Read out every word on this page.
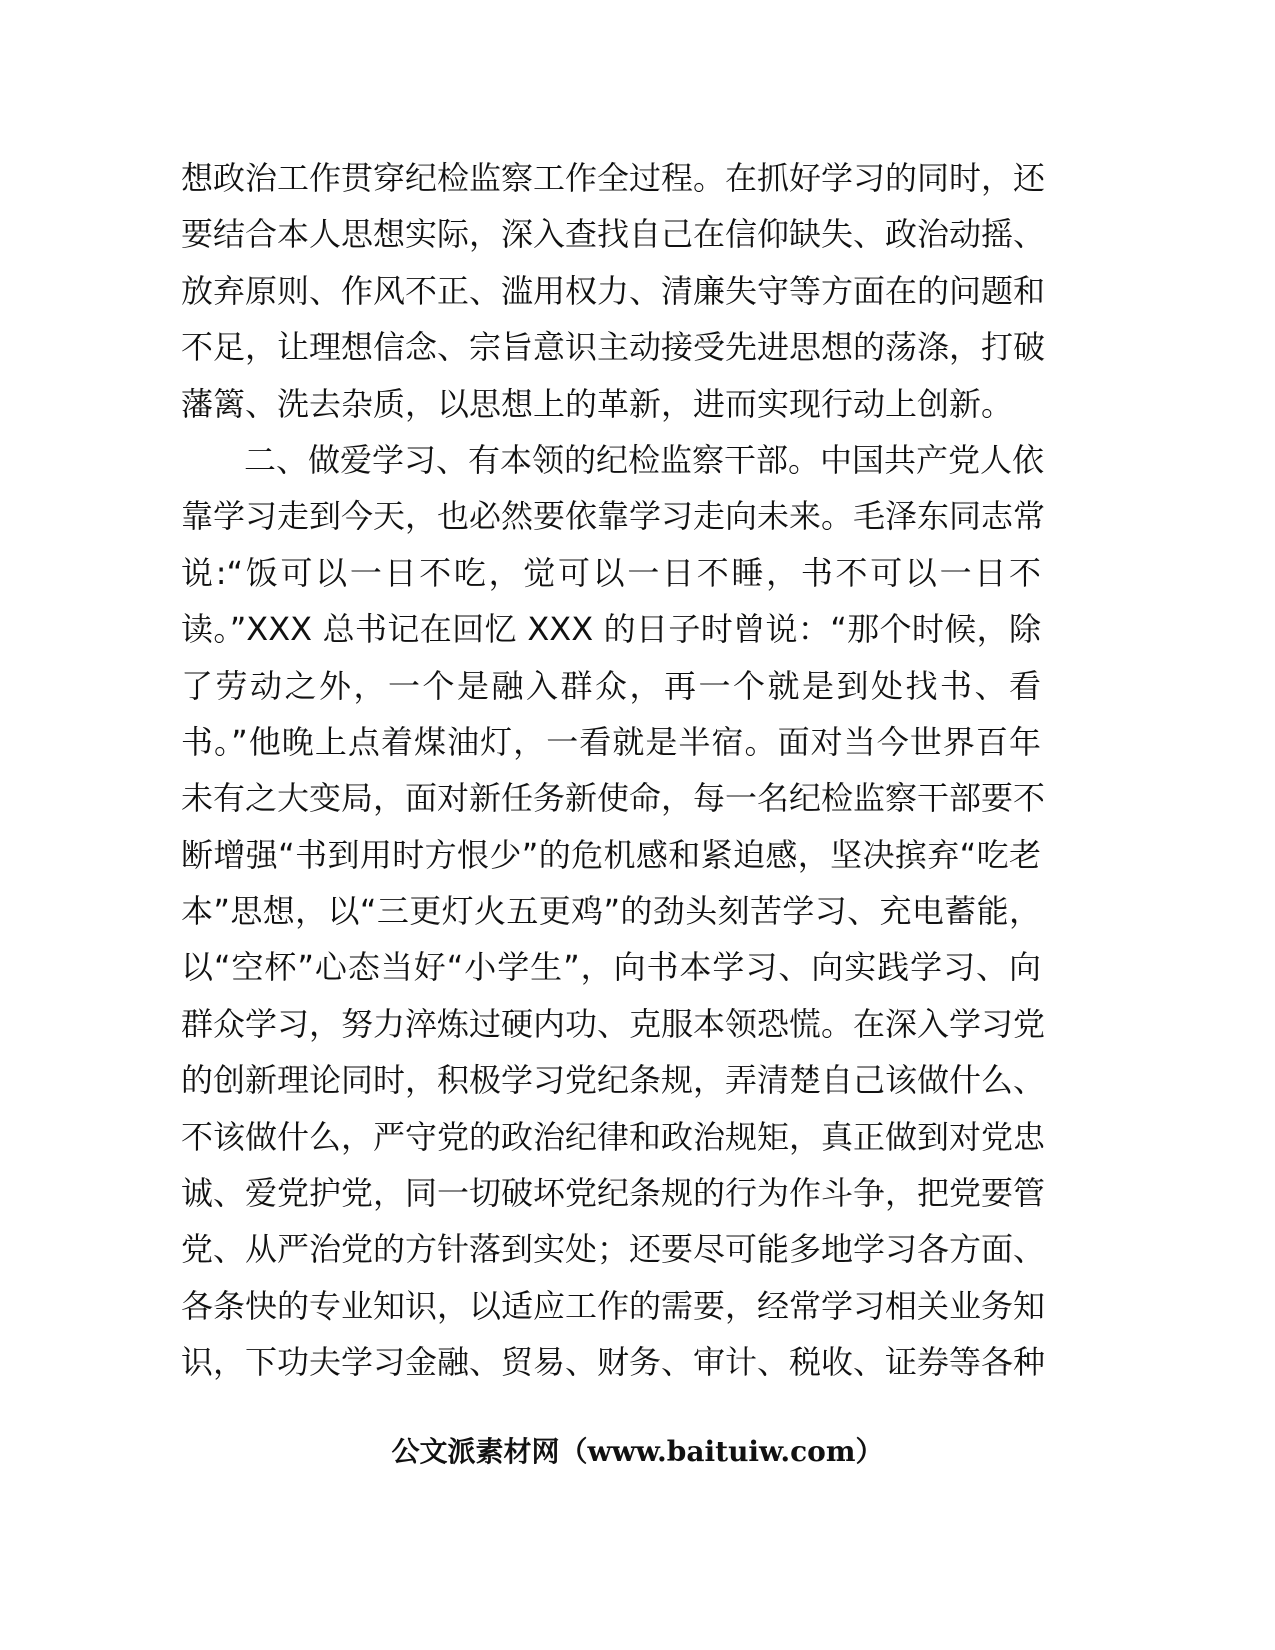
想政治工作贯穿纪检监察工作全过程。在抓好学习的同时，还
要结合本人思想实际，深入查找自己在信仰缺失、政治动摇、
放弃原则、作风不正、滥用权力、清廉失守等方面在的问题和
不足，让理想信念、宗旨意识主动接受先进思想的荡涤，打破
藩篱、洗去杂质，以思想上的革新，进而实现行动上创新。
二、做爱学习、有本领的纪检监察干部。中国共产党人依
靠学习走到今天，也必然要依靠学习走向未来。毛泽东同志常
说:“饭可以一日不吃，觉可以一日不睡，书不可以一日不
读。”XXX 总书记在回忆 XXX 的日子时曾说：“那个时候，除
了劳动之外，一个是融入群众，再一个就是到处找书、看
书。”他晚上点着煤油灯，一看就是半宿。面对当今世界百年
未有之大变局，面对新任务新使命，每一名纪检监察干部要不
断增强“书到用时方恨少”的危机感和紧迫感，坚决摈弃“吃老
本”思想，以“三更灯火五更鸡”的劲头刻苦学习、充电蓄能，
以“空杯”心态当好“小学生”，向书本学习、向实践学习、向
群众学习，努力淬炼过硬内功、克服本领恐慌。在深入学习党
的创新理论同时，积极学习党纪条规，弄清楚自己该做什么、
不该做什么，严守党的政治纪律和政治规矩，真正做到对党忠
诚、爱党护党，同一切破坏党纪条规的行为作斗争，把党要管
党、从严治党的方针落到实处；还要尽可能多地学习各方面、
各条快的专业知识，以适应工作的需要，经常学习相关业务知
识，下功夫学习金融、贸易、财务、审计、税收、证券等各种
公文派素材网（www.baituiw.com）
